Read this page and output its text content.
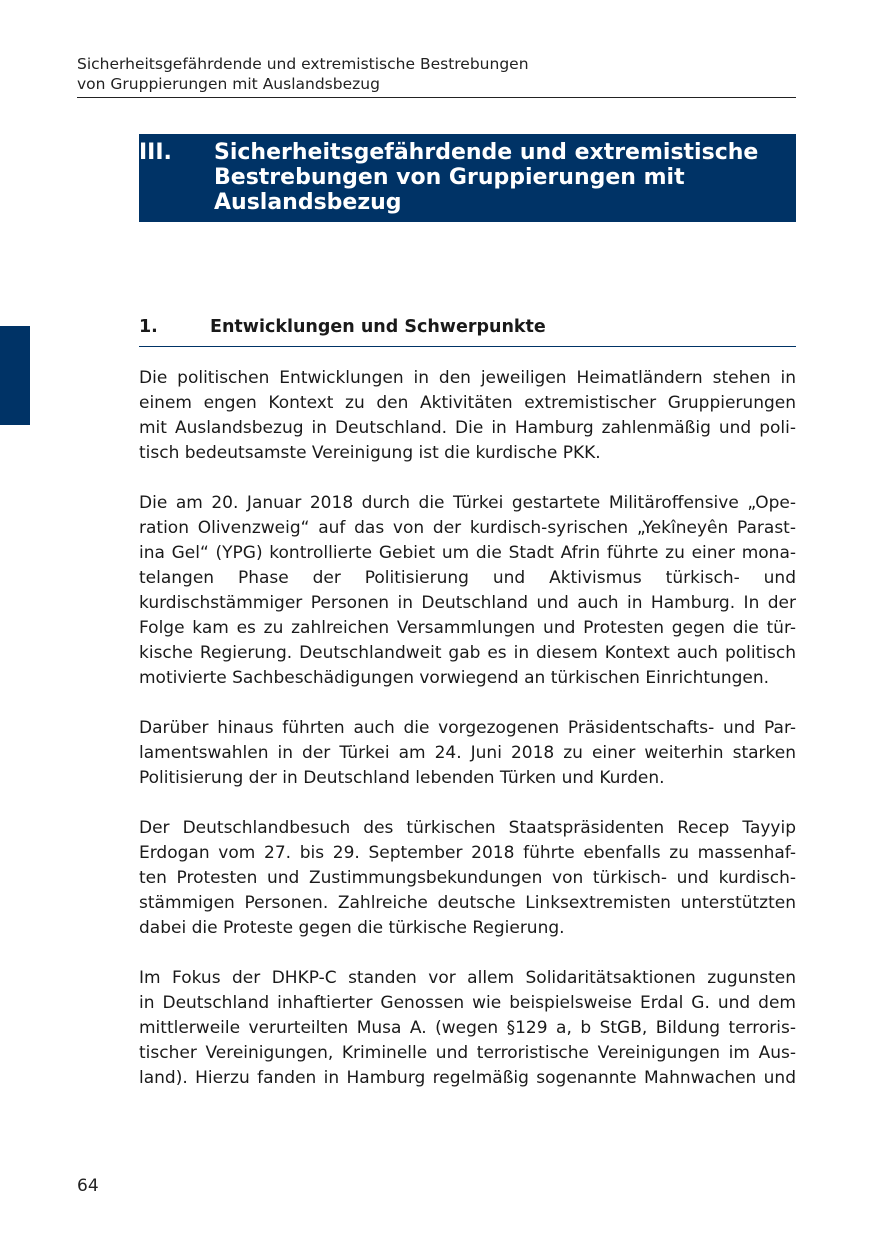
Sicherheitsgefährdende und extremistische Bestrebungen
von Gruppierungen mit Auslandsbezug
III. Sicherheitsgefährdende und extremistische
Bestrebungen von Gruppierungen mit
Auslandsbezug
1.	Entwicklungen und Schwerpunkte
Die politischen Entwicklungen in den jeweiligen Heimatländern stehen in
einem engen Kontext zu den Aktivitäten extremistischer Gruppierungen
mit Auslandsbezug in Deutschland. Die in Hamburg zahlenmäßig und poli-
tisch bedeutsamste Vereinigung ist die kurdische PKK.
Die am 20. Januar 2018 durch die Türkei gestartete Militäroffensive „Ope-
ration Olivenzweig“ auf das von der kurdisch-syrischen „Yekîneyên Parast-
ina Gel“ (YPG) kontrollierte Gebiet um die Stadt Afrin führte zu einer mona-
telangen Phase der Politisierung und Aktivismus türkisch- und
kurdischstämmiger Personen in Deutschland und auch in Hamburg. In der
Folge kam es zu zahlreichen Versammlungen und Protesten gegen die tür-
kische Regierung. Deutschlandweit gab es in diesem Kontext auch politisch
motivierte Sachbeschädigungen vorwiegend an türkischen Einrichtungen.
Darüber hinaus führten auch die vorgezogenen Präsidentschafts- und Par-
lamentswahlen in der Türkei am 24. Juni 2018 zu einer weiterhin starken
Politisierung der in Deutschland lebenden Türken und Kurden.
Der Deutschlandbesuch des türkischen Staatspräsidenten Recep Tayyip
Erdogan vom 27. bis 29. September 2018 führte ebenfalls zu massenhaf-
ten Protesten und Zustimmungsbekundungen von türkisch- und kurdisch-
stämmigen Personen. Zahlreiche deutsche Linksextremisten unterstützten
dabei die Proteste gegen die türkische Regierung.
Im Fokus der DHKP-C standen vor allem Solidaritätsaktionen zugunsten
in Deutschland inhaftierter Genossen wie beispielsweise Erdal G. und dem
mittlerweile verurteilten Musa A. (wegen §129 a, b StGB, Bildung terroris-
tischer Vereinigungen, Kriminelle und terroristische Vereinigungen im Aus-
land). Hierzu fanden in Hamburg regelmäßig sogenannte Mahnwachen und
64
